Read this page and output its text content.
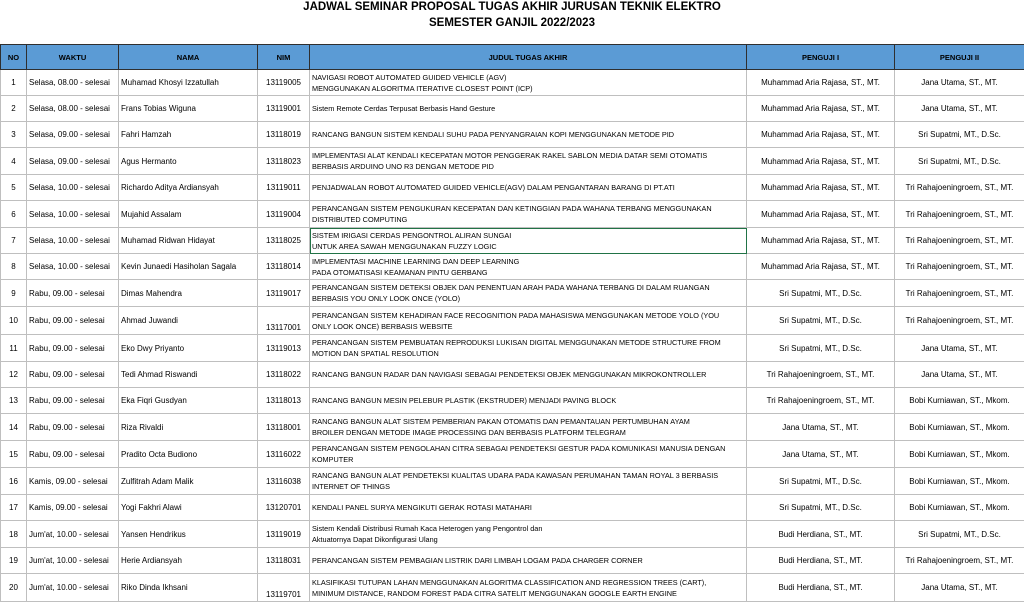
JADWAL SEMINAR PROPOSAL TUGAS AKHIR JURUSAN TEKNIK ELEKTRO
SEMESTER GANJIL 2022/2023
NO	WAKTU	NAMA	NIM	JUDUL TUGAS AKHIR	PENGUJI I	PENGUJI II
1	Selasa, 08.00 - selesai	Muhamad Khosyi Izzatullah	13119005	NAVIGASI ROBOT AUTOMATED GUIDED VEHICLE (AGV)
MENGGUNAKAN ALGORITMA ITERATIVE CLOSEST POINT (ICP)	Muhammad Aria Rajasa, ST., MT.	Jana Utama, ST., MT.
2	Selasa, 08.00 - selesai	Frans Tobias Wiguna	13119001	Sistem Remote Cerdas Terpusat Berbasis Hand Gesture	Muhammad Aria Rajasa, ST., MT.	Jana Utama, ST., MT.
3	Selasa, 09.00 - selesai	Fahri Hamzah	13118019	RANCANG BANGUN SISTEM KENDALI SUHU PADA PENYANGRAIAN KOPI MENGGUNAKAN METODE PID	Muhammad Aria Rajasa, ST., MT.	Sri Supatmi, MT., D.Sc.
4	Selasa, 09.00 - selesai	Agus Hermanto	13118023	IMPLEMENTASI ALAT KENDALI KECEPATAN MOTOR PENGGERAK RAKEL SABLON MEDIA DATAR SEMI OTOMATIS
BERBASIS ARDUINO UNO R3 DENGAN METODE PID	Muhammad Aria Rajasa, ST., MT.	Sri Supatmi, MT., D.Sc.
5	Selasa, 10.00 - selesai	Richardo Aditya Ardiansyah	13119011	PENJADWALAN ROBOT AUTOMATED GUIDED VEHICLE(AGV) DALAM PENGANTARAN BARANG DI PT.ATI	Muhammad Aria Rajasa, ST., MT.	Tri Rahajoeningroem, ST., MT.
6	Selasa, 10.00 - selesai	Mujahid Assalam	13119004	PERANCANGAN SISTEM PENGUKURAN KECEPATAN DAN KETINGGIAN PADA WAHANA TERBANG MENGGUNAKAN
DISTRIBUTED COMPUTING	Muhammad Aria Rajasa, ST., MT.	Tri Rahajoeningroem, ST., MT.
7	Selasa, 10.00 - selesai	Muhamad Ridwan Hidayat	13118025	SISTEM IRIGASI CERDAS PENGONTROL ALIRAN SUNGAI
UNTUK AREA SAWAH MENGGUNAKAN FUZZY LOGIC	Muhammad Aria Rajasa, ST., MT.	Tri Rahajoeningroem, ST., MT.
8	Selasa, 10.00 - selesai	Kevin Junaedi Hasiholan Sagala	13118014	IMPLEMENTASI MACHINE LEARNING DAN DEEP LEARNING
PADA OTOMATISASI KEAMANAN PINTU GERBANG	Muhammad Aria Rajasa, ST., MT.	Tri Rahajoeningroem, ST., MT.
9	Rabu, 09.00 - selesai	Dimas Mahendra	13119017	PERANCANGAN SISTEM DETEKSI OBJEK DAN PENENTUAN ARAH PADA WAHANA TERBANG DI DALAM RUANGAN
BERBASIS YOU ONLY LOOK ONCE (YOLO)	Sri Supatmi, MT., D.Sc.	Tri Rahajoeningroem, ST., MT.
10	Rabu, 09.00 - selesai	Ahmad Juwandi	13117001	PERANCANGAN SISTEM KEHADIRAN FACE RECOGNITION PADA MAHASISWA MENGGUNAKAN METODE YOLO (YOU
ONLY LOOK ONCE) BERBASIS WEBSITE	Sri Supatmi, MT., D.Sc.	Tri Rahajoeningroem, ST., MT.
11	Rabu, 09.00 - selesai	Eko Dwy Priyanto	13119013	PERANCANGAN SISTEM PEMBUATAN REPRODUKSI LUKISAN DIGITAL MENGGUNAKAN METODE STRUCTURE FROM
MOTION DAN SPATIAL RESOLUTION	Sri Supatmi, MT., D.Sc.	Jana Utama, ST., MT.
12	Rabu, 09.00 - selesai	Tedi Ahmad Riswandi	13118022	RANCANG BANGUN RADAR DAN NAVIGASI SEBAGAI PENDETEKSI OBJEK MENGGUNAKAN MIKROKONTROLLER	Tri Rahajoeningroem, ST., MT.	Jana Utama, ST., MT.
13	Rabu, 09.00 - selesai	Eka Fiqri Gusdyan	13118013	RANCANG BANGUN MESIN PELEBUR PLASTIK (EKSTRUDER) MENJADI PAVING BLOCK	Tri Rahajoeningroem, ST., MT.	Bobi Kurniawan, ST., Mkom.
14	Rabu, 09.00 - selesai	Riza Rivaldi	13118001	RANCANG BANGUN ALAT SISTEM PEMBERIAN PAKAN OTOMATIS DAN PEMANTAUAN PERTUMBUHAN AYAM
BROILER DENGAN METODE IMAGE PROCESSING DAN BERBASIS PLATFORM TELEGRAM	Jana Utama, ST., MT.	Bobi Kurniawan, ST., Mkom.
15	Rabu, 09.00 - selesai	Pradito Octa Budiono	13116022	PERANCANGAN SISTEM PENGOLAHAN CITRA SEBAGAI PENDETEKSI GESTUR PADA KOMUNIKASI MANUSIA DENGAN
KOMPUTER	Jana Utama, ST., MT.	Bobi Kurniawan, ST., Mkom.
16	Kamis, 09.00 - selesai	Zulfitrah Adam Malik	13116038	RANCANG BANGUN ALAT PENDETEKSI KUALITAS UDARA PADA KAWASAN PERUMAHAN TAMAN ROYAL 3 BERBASIS
INTERNET OF THINGS	Sri Supatmi, MT., D.Sc.	Bobi Kurniawan, ST., Mkom.
17	Kamis, 09.00 - selesai	Yogi Fakhri Alawi	13120701	KENDALI PANEL SURYA MENGIKUTI GERAK ROTASI MATAHARI	Sri Supatmi, MT., D.Sc.	Bobi Kurniawan, ST., Mkom.
18	Jum'at, 10.00 - selesai	Yansen Hendrikus	13119019	Sistem Kendali Distribusi Rumah Kaca Heterogen yang Pengontrol dan
Aktuatornya Dapat Dikonfigurasi Ulang	Budi Herdiana, ST., MT.	Sri Supatmi, MT., D.Sc.
19	Jum'at, 10.00 - selesai	Herie Ardiansyah	13118031	PERANCANGAN SISTEM PEMBAGIAN LISTRIK DARI LIMBAH LOGAM PADA CHARGER CORNER	Budi Herdiana, ST., MT.	Tri Rahajoeningroem, ST., MT.
20	Jum'at, 10.00 - selesai	Riko Dinda Ikhsani	13119701	KLASIFIKASI TUTUPAN LAHAN MENGGUNAKAN ALGORITMA CLASSIFICATION AND REGRESSION TREES (CART),
MINIMUM DISTANCE, RANDOM FOREST PADA CITRA SATELIT MENGGUNAKAN GOOGLE EARTH ENGINE	Budi Herdiana, ST., MT.	Jana Utama, ST., MT.
